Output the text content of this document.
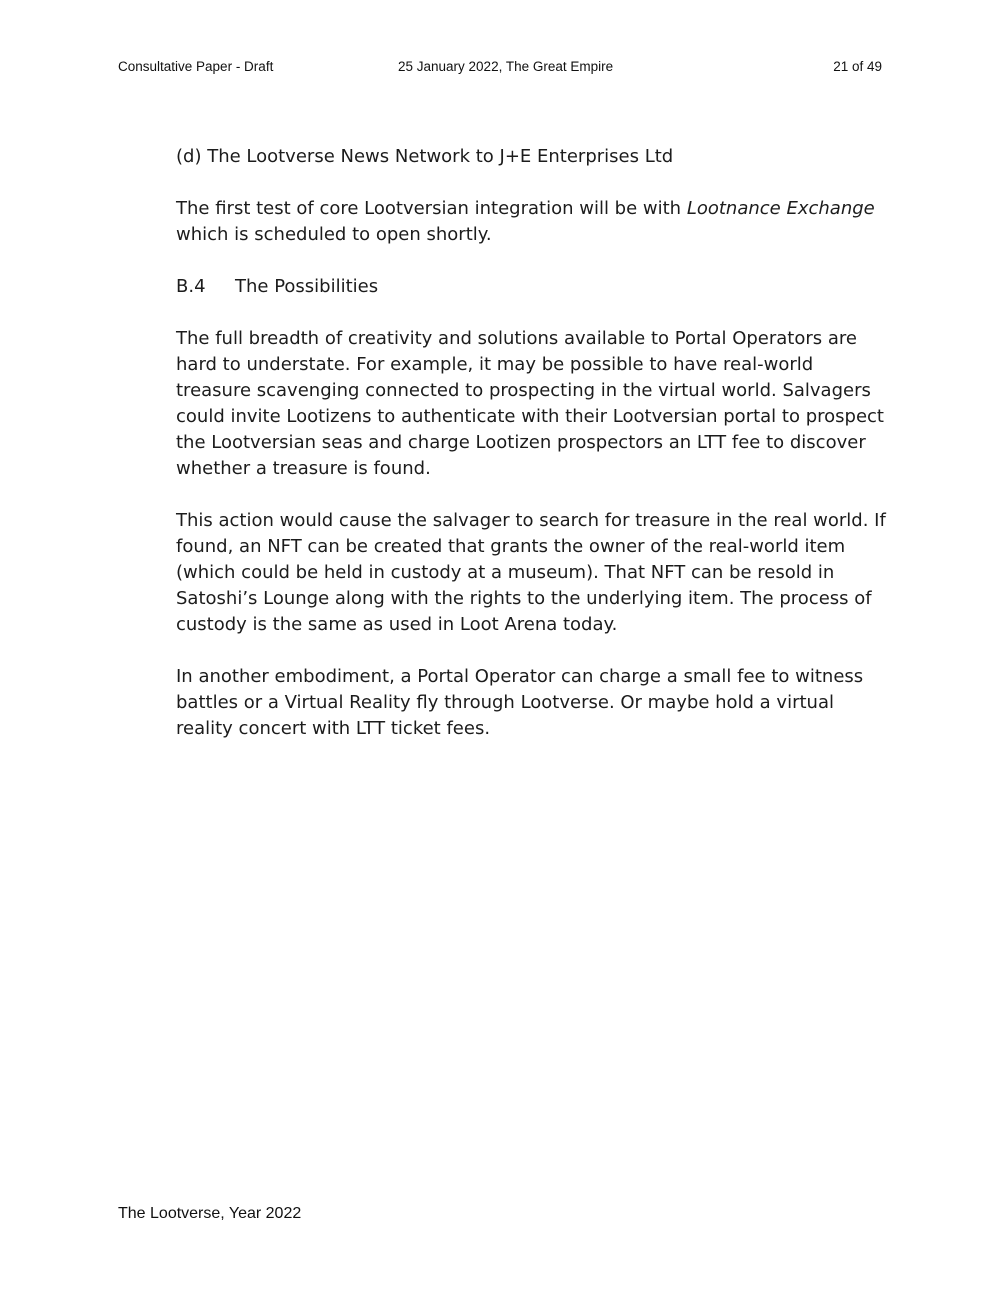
Consultative Paper - Draft	25 January 2022, The Great Empire	21 of 49

(d) The Lootverse News Network to J+E Enterprises Ltd

The first test of core Lootversian integration will be with Lootnance Exchange which is scheduled to open shortly.

B.4 The Possibilities

The full breadth of creativity and solutions available to Portal Operators are hard to understate. For example, it may be possible to have real-world treasure scavenging connected to prospecting in the virtual world. Salvagers could invite Lootizens to authenticate with their Lootversian portal to prospect the Lootversian seas and charge Lootizen prospectors an LTT fee to discover whether a treasure is found.

This action would cause the salvager to search for treasure in the real world. If found, an NFT can be created that grants the owner of the real-world item (which could be held in custody at a museum). That NFT can be resold in Satoshi’s Lounge along with the rights to the underlying item. The process of custody is the same as used in Loot Arena today.

In another embodiment, a Portal Operator can charge a small fee to witness battles or a Virtual Reality fly through Lootverse. Or maybe hold a virtual reality concert with LTT ticket fees.

The Lootverse, Year 2022
